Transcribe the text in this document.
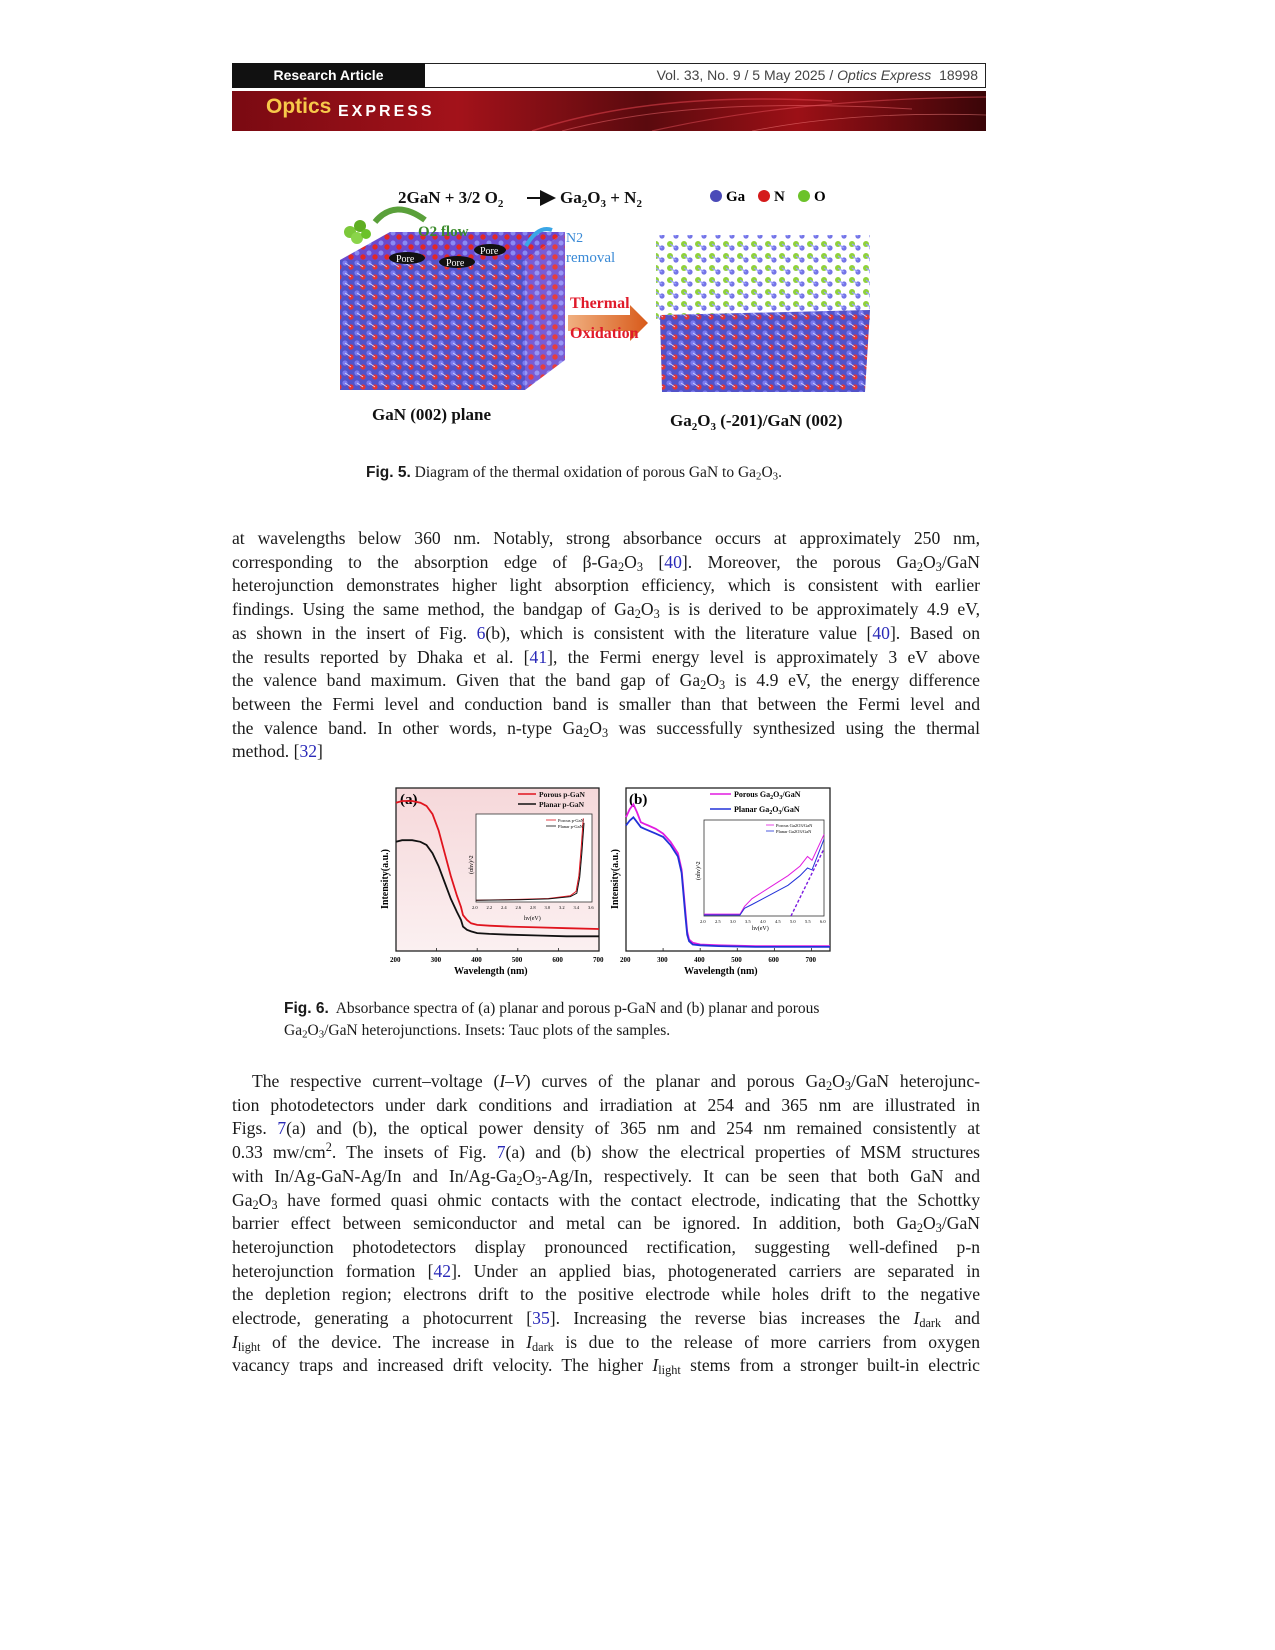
Research Article	Vol. 33, No. 9 / 5 May 2025 / Optics Express 18998
Optics EXPRESS
2GaN + 3/2 $O_2$	$Ga_2O_3 + N_2$	Ga N O
O2 flow
Pore	Pore
Pore
N2
removal
Thermal
Oxidation
GaN (002) plane	$Ga_2O_3$ (-201)/GaN (002)
Fig. 5. Diagram of the thermal oxidation of porous GaN to $Ga_2O_3$.
at wavelengths below 360 nm. Notably, strong absorbance occurs at approximately 250 nm,
corresponding to the absorption edge of $\beta-Ga_2O_3$ [40]. Moreover, the porous $Ga_2O_3$/GaN
heterojunction demonstrates higher light absorption efficiency, which is consistent with earlier
findings. Using the same method, the bandgap of $Ga_2O_3$ is is derived to be approximately 4.9 eV,
as shown in the insert of Fig. 6(b), which is consistent with the literature value [40]. Based on
the results reported by Dhaka et al. [41], the Fermi energy level is approximately 3 eV above
the valence band maximum. Given that the band gap of $Ga_2O_3$ is 4.9 eV, the energy difference
between the Fermi level and conduction band is smaller than that between the Fermi level and
the valence band. In other words, n-type $Ga_2O_3$ was successfully synthesized using the thermal
method. [32]
(a)
Intensity(a.u.)
Wavelength (nm)
200	300	400	500	600	700
Porous p-GaN
Planar p-GaN
2.0 2.2 2.4 2.6 2.8 3.0 3.2 3.4 3.6
hν(eV)
(αhν)^2
Porous p-GaN
Planar p-GaN
(b)
Intensity(a.u.)
Wavelength (nm)
200	300	400	500	600	700
Porous $Ga_2O_3$/GaN
Planar $Ga_2O_3$/GaN
2.0 2.5 3.0 3.5 4.0 4.5 5.0 5.5 6.0
hν(eV)
(αhν)^2
Porous Ga2O3/GaN
Planar Ga2O3/GaN
Fig. 6.  Absorbance spectra of (a) planar and porous p-GaN and (b) planar and porous
$Ga_2O_3$/GaN heterojunctions. Insets: Tauc plots of the samples.
The respective current–voltage (I–V) curves of the planar and porous $Ga_2O_3$/GaN heterojunc-
tion photodetectors under dark conditions and irradiation at 254 and 365 nm are illustrated in
Figs. 7(a) and (b), the optical power density of 365 nm and 254 nm remained consistently at
0.33 $mw/cm^2$. The insets of Fig. 7(a) and (b) show the electrical properties of MSM structures
with In/Ag-GaN-Ag/In and $In/Ag-Ga_2O_3-Ag/In$, respectively. It can be seen that both GaN and
$Ga_2O_3$ have formed quasi ohmic contacts with the contact electrode, indicating that the Schottky
barrier effect between semiconductor and metal can be ignored. In addition, both $Ga_2O_3$/GaN
heterojunction photodetectors display pronounced rectification, suggesting well-defined p-n
heterojunction formation [42]. Under an applied bias, photogenerated carriers are separated in
the depletion region; electrons drift to the positive electrode while holes drift to the negative
electrode, generating a photocurrent [35]. Increasing the reverse bias increases the $I_{dark}$ and
$I_{light}$ of the device. The increase in $I_{dark}$ is due to the release of more carriers from oxygen
vacancy traps and increased drift velocity. The higher $I_{light}$ stems from a stronger built-in electric
